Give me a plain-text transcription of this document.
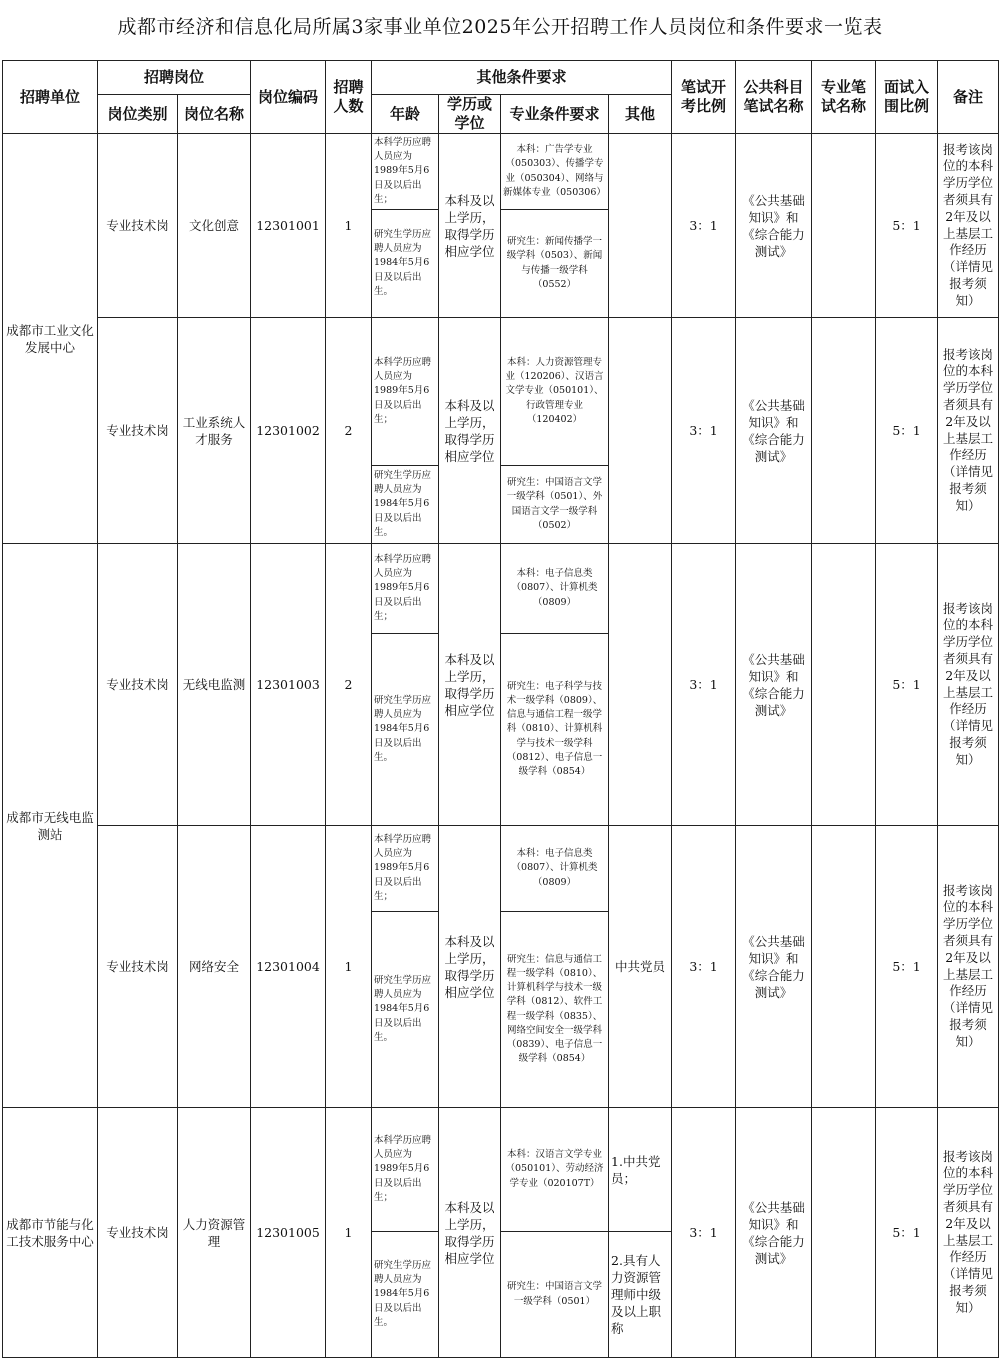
成都市经济和信息化局所属3家事业单位2025年公开招聘工作人员岗位和条件要求一览表
招聘单位	招聘岗位		岗位编码	招聘人数	其他条件要求				笔试开考比例	公共科目笔试名称	专业笔试名称	面试入围比例	备注
	岗位类别	岗位名称			年龄	学历或学位	专业条件要求	其他					
成都市工业文化发展中心	专业技术岗	文化创意	12301001	1	本科学历应聘人员应为1989年5月6日及以后出生；	本科及以上学历，取得学历相应学位	本科：广告学专业（050303）、传播学专业（050304）、网络与新媒体专业（050306）		3：1	《公共基础知识》和《综合能力测试》		5：1	报考该岗位的本科学历学位者须具有2年及以上基层工作经历（详情见报考须知）
					研究生学历应聘人员应为1984年5月6日及以后出生。		研究生：新闻传播学一级学科（0503）、新闻与传播一级学科（0552）						
	专业技术岗	工业系统人才服务	12301002	2	本科学历应聘人员应为1989年5月6日及以后出生；	本科及以上学历，取得学历相应学位	本科：人力资源管理专业（120206）、汉语言文学专业（050101）、行政管理专业（120402）		3：1	《公共基础知识》和《综合能力测试》		5：1	报考该岗位的本科学历学位者须具有2年及以上基层工作经历（详情见报考须知）
					研究生学历应聘人员应为1984年5月6日及以后出生。		研究生：中国语言文学一级学科（0501）、外国语言文学一级学科（0502）						
成都市无线电监测站	专业技术岗	无线电监测	12301003	2	本科学历应聘人员应为1989年5月6日及以后出生；	本科及以上学历，取得学历相应学位	本科：电子信息类（0807）、计算机类（0809）		3：1	《公共基础知识》和《综合能力测试》		5：1	报考该岗位的本科学历学位者须具有2年及以上基层工作经历（详情见报考须知）
					研究生学历应聘人员应为1984年5月6日及以后出生。		研究生：电子科学与技术一级学科（0809）、信息与通信工程一级学科（0810）、计算机科学与技术一级学科（0812）、电子信息一级学科（0854）						
	专业技术岗	网络安全	12301004	1	本科学历应聘人员应为1989年5月6日及以后出生；	本科及以上学历，取得学历相应学位	本科：电子信息类（0807）、计算机类（0809）	中共党员	3：1	《公共基础知识》和《综合能力测试》		5：1	报考该岗位的本科学历学位者须具有2年及以上基层工作经历（详情见报考须知）
					研究生学历应聘人员应为1984年5月6日及以后出生。		研究生：信息与通信工程一级学科（0810）、计算机科学与技术一级学科（0812）、软件工程一级学科（0835）、网络空间安全一级学科（0839）、电子信息一级学科（0854）						
成都市节能与化工技术服务中心	专业技术岗	人力资源管理	12301005	1	本科学历应聘人员应为1989年5月6日及以后出生；	本科及以上学历，取得学历相应学位	本科：汉语言文学专业（050101）、劳动经济学专业（020107T）	1.中共党员；	3：1	《公共基础知识》和《综合能力测试》		5：1	报考该岗位的本科学历学位者须具有2年及以上基层工作经历（详情见报考须知）
					研究生学历应聘人员应为1984年5月6日及以后出生。		研究生：中国语言文学一级学科（0501）	2.具有人力资源管理师中级及以上职称					
